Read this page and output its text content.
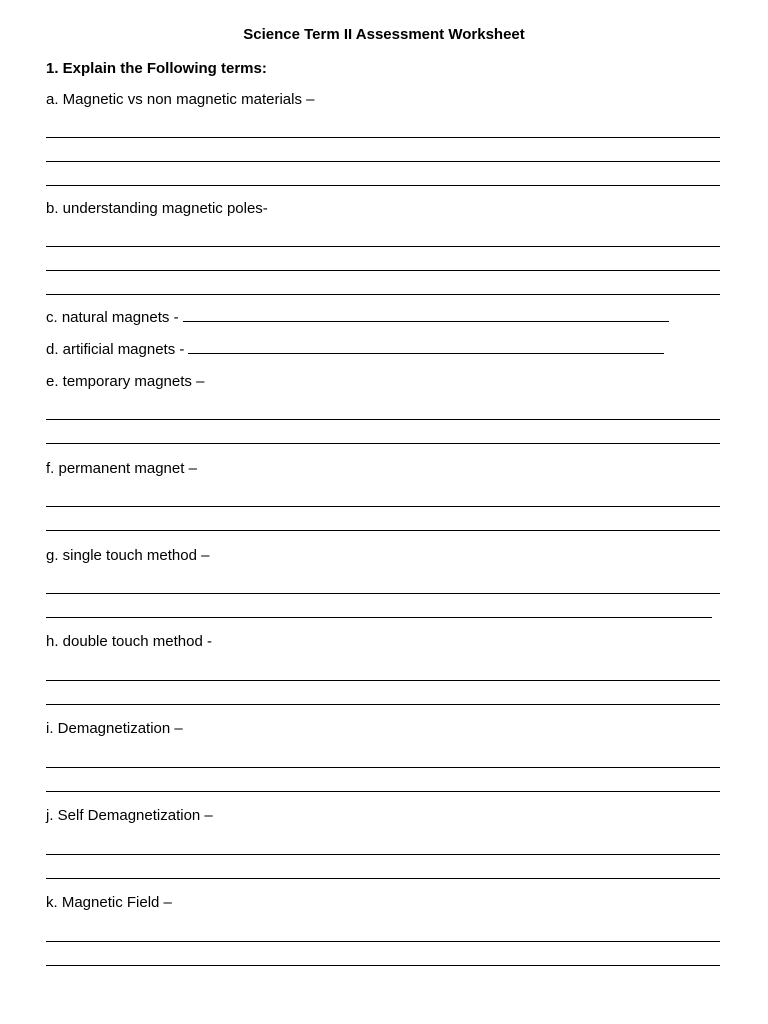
Science Term II Assessment Worksheet
1. Explain the Following terms:
a. Magnetic vs non magnetic materials –
b. understanding magnetic poles-
c. natural magnets -
d. artificial magnets -
e. temporary magnets –
f. permanent magnet –
g. single touch method –
h. double touch method -
i. Demagnetization –
j. Self Demagnetization –
k. Magnetic Field –
